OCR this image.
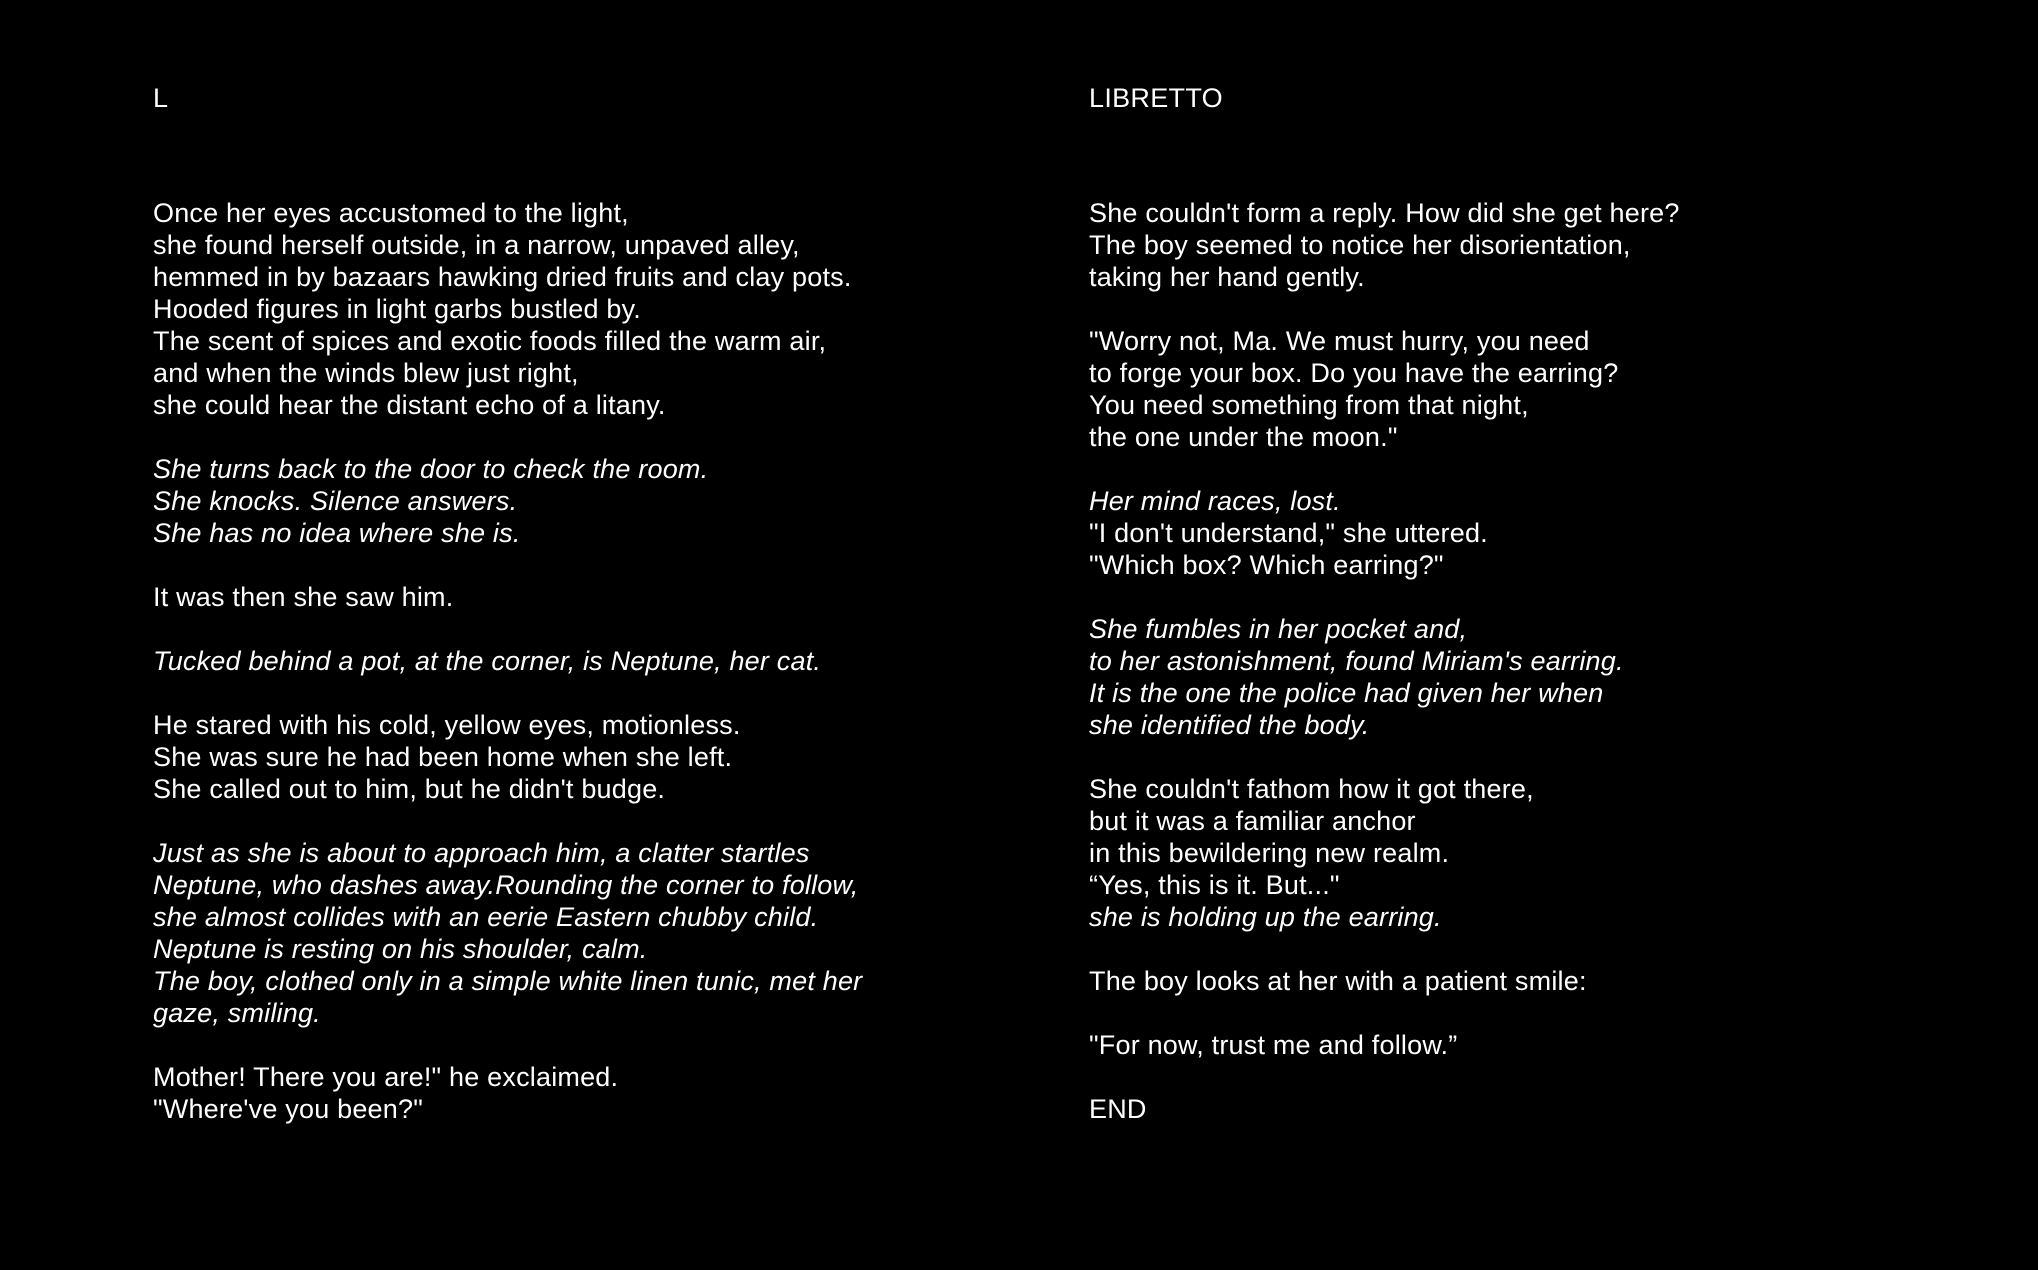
L

Once her eyes accustomed to the light,
she found herself outside, in a narrow, unpaved alley,
hemmed in by bazaars hawking dried fruits and clay pots.
Hooded figures in light garbs bustled by.
The scent of spices and exotic foods filled the warm air,
and when the winds blew just right,
she could hear the distant echo of a litany.
She turns back to the door to check the room.
She knocks. Silence answers.
She has no idea where she is.
It was then she saw him.
Tucked behind a pot, at the corner, is Neptune, her cat.
He stared with his cold, yellow eyes, motionless.
She was sure he had been home when she left.
She called out to him, but he didn't budge.
Just as she is about to approach him, a clatter startles
Neptune, who dashes away.Rounding the corner to follow,
she almost collides with an eerie Eastern chubby child.
Neptune is resting on his shoulder, calm.
The boy, clothed only in a simple white linen tunic, met her
gaze, smiling.
Mother! There you are!" he exclaimed.
"Where've you been?"

LIBRETTO

She couldn't form a reply. How did she get here?
The boy seemed to notice her disorientation,
taking her hand gently.
"Worry not, Ma. We must hurry, you need
to forge your box. Do you have the earring?
You need something from that night,
the one under the moon."
Her mind races, lost.
"I don't understand," she uttered.
"Which box? Which earring?"
She fumbles in her pocket and,
to her astonishment, found Miriam's earring.
It is the one the police had given her when
she identified the body.
She couldn't fathom how it got there,
but it was a familiar anchor
in this bewildering new realm.
“Yes, this is it. But..."
she is holding up the earring.
The boy looks at her with a patient smile:
"For now, trust me and follow.”
END
